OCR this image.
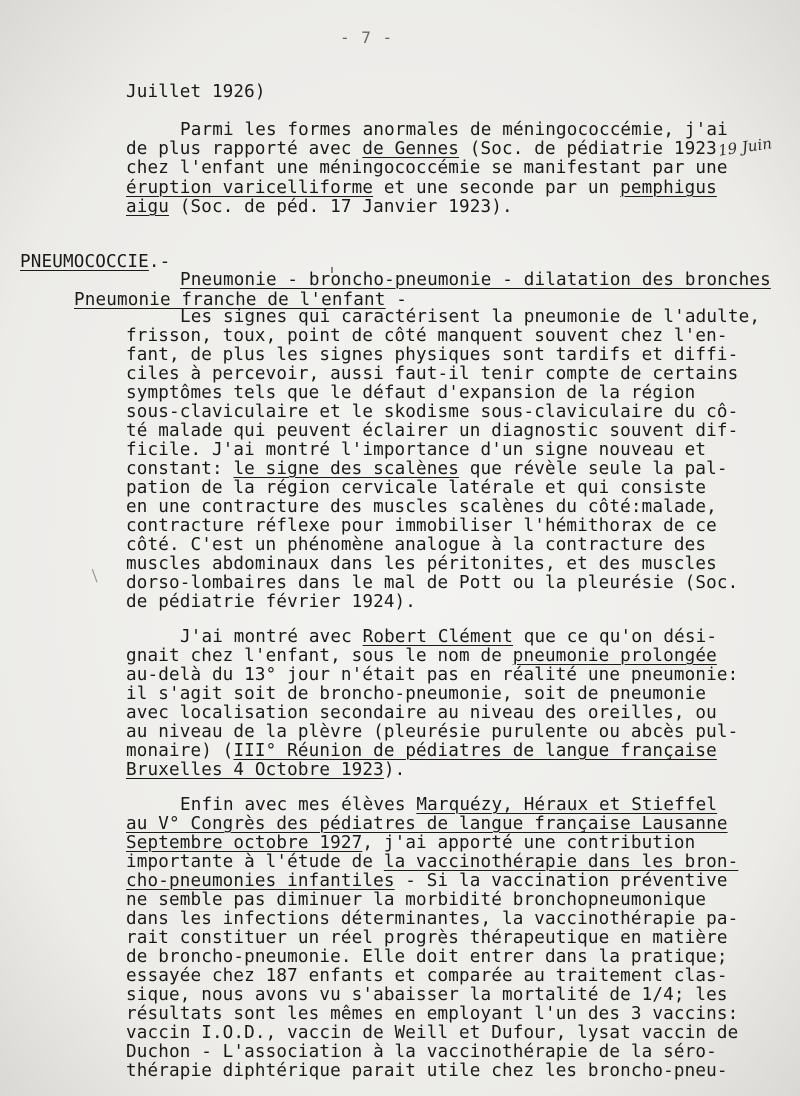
- 7 -
19 Juin
Juillet 1926)
Parmi les formes anormales de méningococcémie, j'ai
de plus rapporté avec de Gennes (Soc. de pédiatrie 1923
chez l'enfant une méningococcémie se manifestant par une
éruption varicelliforme et une seconde par un pemphigus
aigu (Soc. de péd. 17 Janvier 1923).
PNEUMOCOCCIE.-
Pneumonie - broncho-pneumonie - dilatation des bronches
Pneumonie franche de l'enfant -
Les signes qui caractérisent la pneumonie de l'adulte,
frisson, toux, point de côté manquent souvent chez l'en-
fant, de plus les signes physiques sont tardifs et diffi-
ciles à percevoir, aussi faut-il tenir compte de certains
symptômes tels que le défaut d'expansion de la région
sous-claviculaire et le skodisme sous-claviculaire du cô-
té malade qui peuvent éclairer un diagnostic souvent dif-
ficile. J'ai montré l'importance d'un signe nouveau et
constant: le signe des scalènes que révèle seule la pal-
pation de la région cervicale latérale et qui consiste
en une contracture des muscles scalènes du côté:malade,
contracture réflexe pour immobiliser l'hémithorax de ce
côté. C'est un phénomène analogue à la contracture des
muscles abdominaux dans les péritonites, et des muscles
dorso-lombaires dans le mal de Pott ou la pleurésie (Soc.
de pédiatrie février 1924).
J'ai montré avec Robert Clément que ce qu'on dési-
gnait chez l'enfant, sous le nom de pneumonie prolongée
au-delà du 13° jour n'était pas en réalité une pneumonie:
il s'agit soit de broncho-pneumonie, soit de pneumonie
avec localisation secondaire au niveau des oreilles, ou
au niveau de la plèvre (pleurésie purulente ou abcès pul-
monaire) (III° Réunion de pédiatres de langue française
Bruxelles 4 Octobre 1923).
Enfin avec mes élèves Marquézy, Héraux et Stieffel
au V° Congrès des pédiatres de langue française Lausanne
Septembre octobre 1927, j'ai apporté une contribution
importante à l'étude de la vaccinothérapie dans les bron-
cho-pneumonies infantiles - Si la vaccination préventive
ne semble pas diminuer la morbidité bronchopneumonique
dans les infections déterminantes, la vaccinothérapie pa-
rait constituer un réel progrès thérapeutique en matière
de broncho-pneumonie. Elle doit entrer dans la pratique;
essayée chez 187 enfants et comparée au traitement clas-
sique, nous avons vu s'abaisser la mortalité de 1/4; les
résultats sont les mêmes en employant l'un des 3 vaccins:
vaccin I.O.D., vaccin de Weill et Dufour, lysat vaccin de
Duchon - L'association à la vaccinothérapie de la séro-
thérapie diphtérique parait utile chez les broncho-pneu-
